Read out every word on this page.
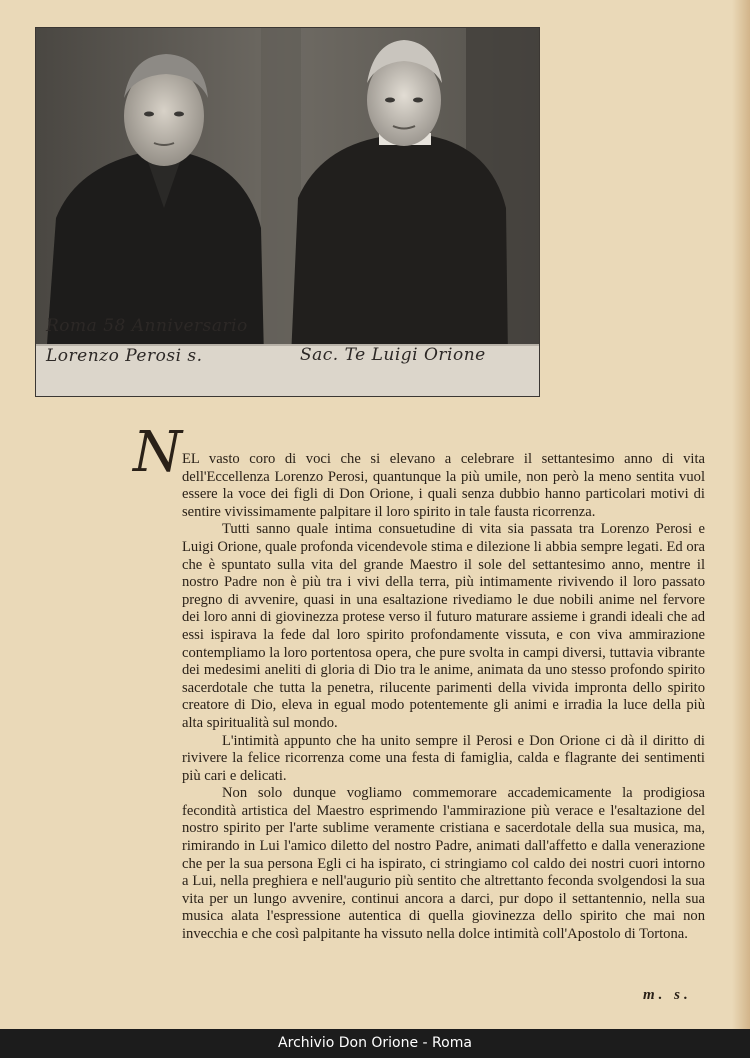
Roma 58 Anniversario
Lorenzo Perosi s.	Sac. Te Luigi Orione
N EL vasto coro di voci che si elevano a celebrare il settantesimo anno di vita dell'Eccellenza Lorenzo Perosi, quantunque la più umile, non però la meno sentita vuol essere la voce dei figli di Don Orione, i quali senza dubbio hanno particolari motivi di sentire vivissimamente palpitare il loro spirito in tale fausta ricorrenza.

Tutti sanno quale intima consuetudine di vita sia passata tra Lorenzo Perosi e Luigi Orione, quale profonda vicendevole stima e dilezione li abbia sempre legati. Ed ora che è spuntato sulla vita del grande Maestro il sole del settantesimo anno, mentre il nostro Padre non è più tra i vivi della terra, più intimamente rivivendo il loro passato pregno di avvenire, quasi in una esaltazione rivediamo le due nobili anime nel fervore dei loro anni di giovinezza protese verso il futuro maturare assieme i grandi ideali che ad essi ispirava la fede dal loro spirito profondamente vissuta, e con viva ammirazione contempliamo la loro portentosa opera, che pure svolta in campi diversi, tuttavia vibrante dei medesimi aneliti di gloria di Dio tra le anime, animata da uno stesso profondo spirito sacerdotale che tutta la penetra, rilucente parimenti della vivida impronta dello spirito creatore di Dio, eleva in egual modo potentemente gli animi e irradia la luce della più alta spiritualità sul mondo.

L'intimità appunto che ha unito sempre il Perosi e Don Orione ci dà il diritto di rivivere la felice ricorrenza come una festa di famiglia, calda e flagrante dei sentimenti più cari e delicati.

Non solo dunque vogliamo commemorare accademicamente la prodigiosa fecondità artistica del Maestro esprimendo l'ammirazione più verace e l'esaltazione del nostro spirito per l'arte sublime veramente cristiana e sacerdotale della sua musica, ma, rimirando in Lui l'amico diletto del nostro Padre, animati dall'affetto e dalla venerazione che per la sua persona Egli ci ha ispirato, ci stringiamo col caldo dei nostri cuori intorno a Lui, nella preghiera e nell'augurio più sentito che altrettanto feconda svolgendosi la sua vita per un lungo avvenire, continui ancora a darci, pur dopo il settantennio, nella sua musica alata l'espressione autentica di quella giovinezza dello spirito che mai non invecchia e che così palpitante ha vissuto nella dolce intimità coll'Apostolo di Tortona.

m. s.
Archivio Don Orione - Roma
